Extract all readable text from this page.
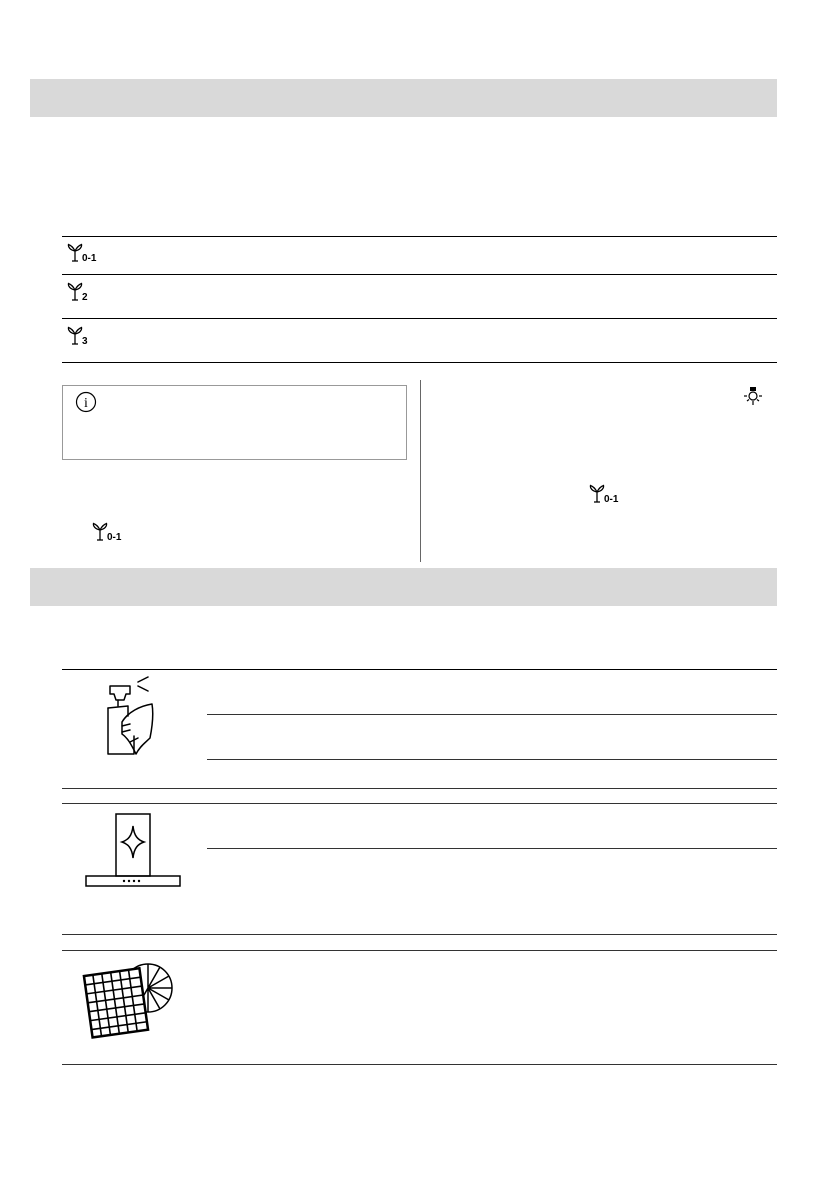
0-1
2
3
i
0-1
0-1
